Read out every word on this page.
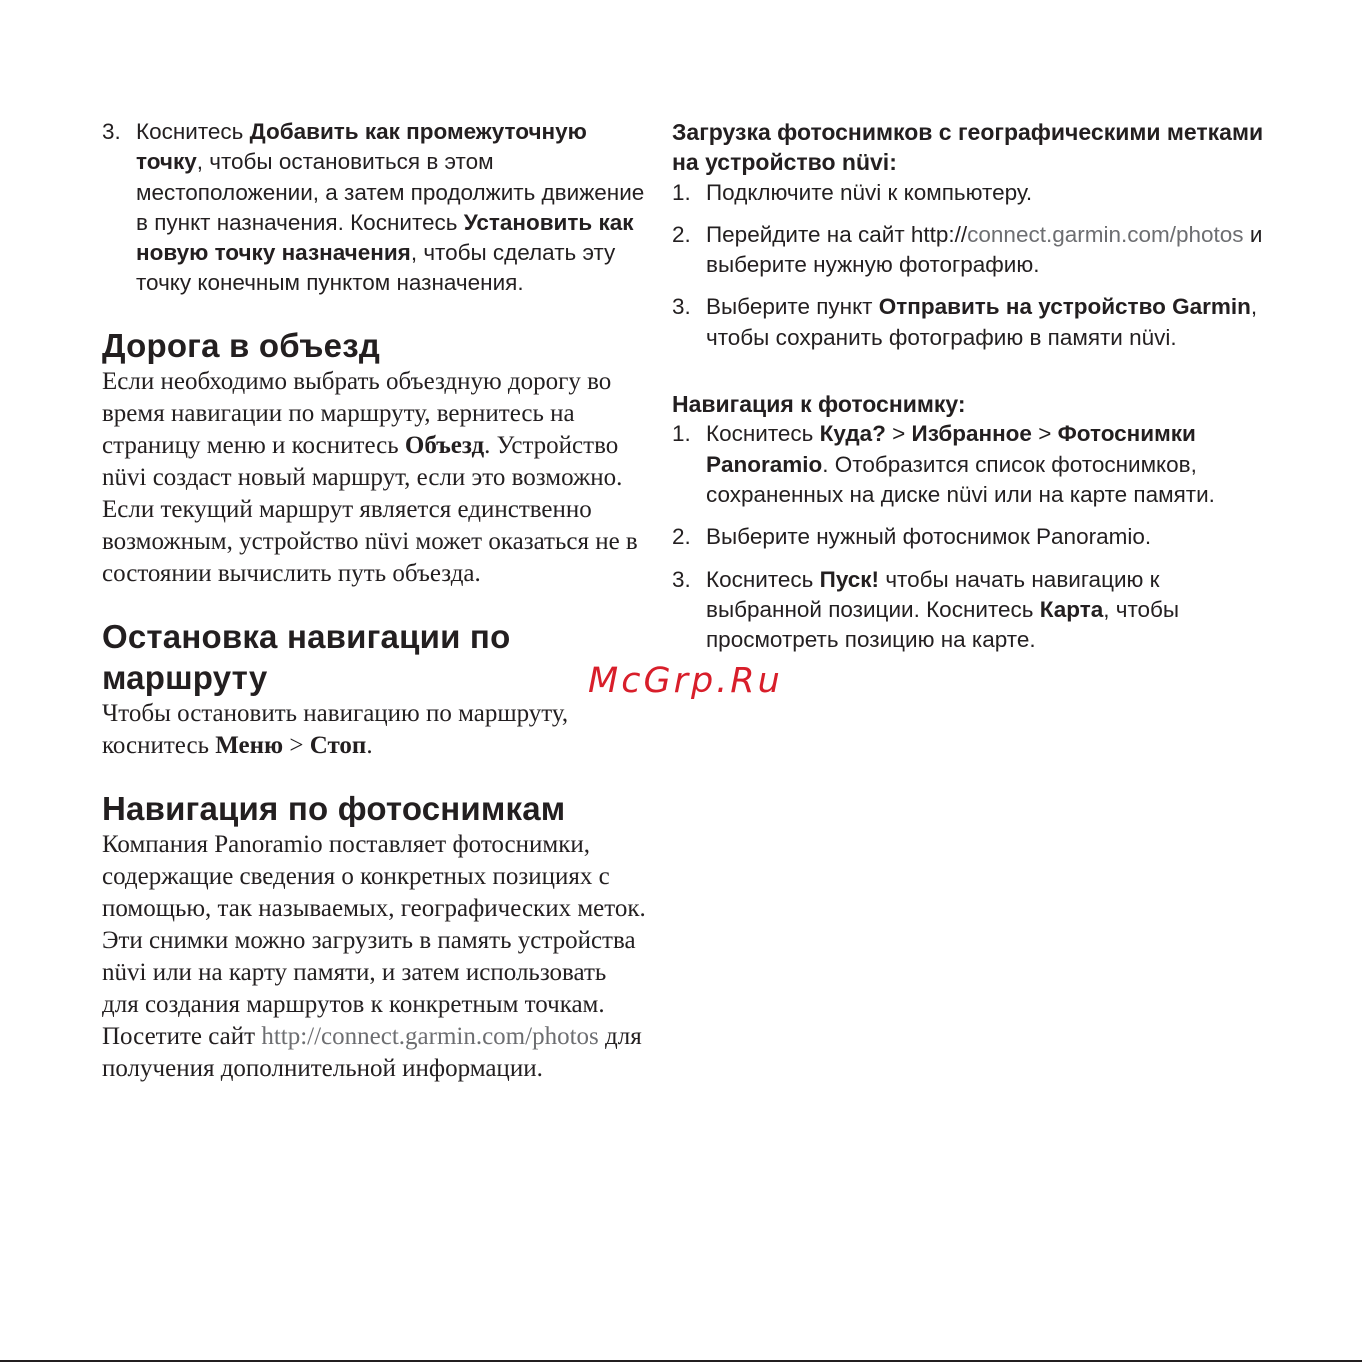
3. Коснитесь Добавить как промежуточную точку, чтобы остановиться в этом местоположении, а затем продолжить движение в пункт назначения. Коснитесь Установить как новую точку назначения, чтобы сделать эту точку конечным пунктом назначения.
Дорога в объезд

Если необходимо выбрать объездную дорогу во время навигации по маршруту, вернитесь на страницу меню и коснитесь Объезд. Устройство nüvi создаст новый маршрут, если это возможно. Если текущий маршрут является единственно возможным, устройство nüvi может оказаться не в состоянии вычислить путь объезда.

Остановка навигации по маршруту

Чтобы остановить навигацию по маршруту, коснитесь Меню > Стоп.

Навигация по фотоснимкам

Компания Panoramio поставляет фотоснимки, содержащие сведения о конкретных позициях с помощью, так называемых, географических меток. Эти снимки можно загрузить в память устройства nüvi или на карту памяти, и затем использовать для создания маршрутов к конкретным точкам. Посетите сайт http://connect.garmin.com/photos для получения дополнительной информации.

Загрузка фотоснимков с географическими метками на устройство nüvi:
1. Подключите nüvi к компьютеру.
2. Перейдите на сайт http://connect.garmin.com/photos и выберите нужную фотографию.
3. Выберите пункт Отправить на устройство Garmin, чтобы сохранить фотографию в памяти nüvi.
Навигация к фотоснимку:
1. Коснитесь Куда? > Избранное > Фотоснимки Panoramio. Отобразится список фотоснимков, сохраненных на диске nüvi или на карте памяти.
2. Выберите нужный фотоснимок Panoramio.
3. Коснитесь Пуск! чтобы начать навигацию к выбранной позиции. Коснитесь Карта, чтобы просмотреть позицию на карте.
McGrp.Ru
